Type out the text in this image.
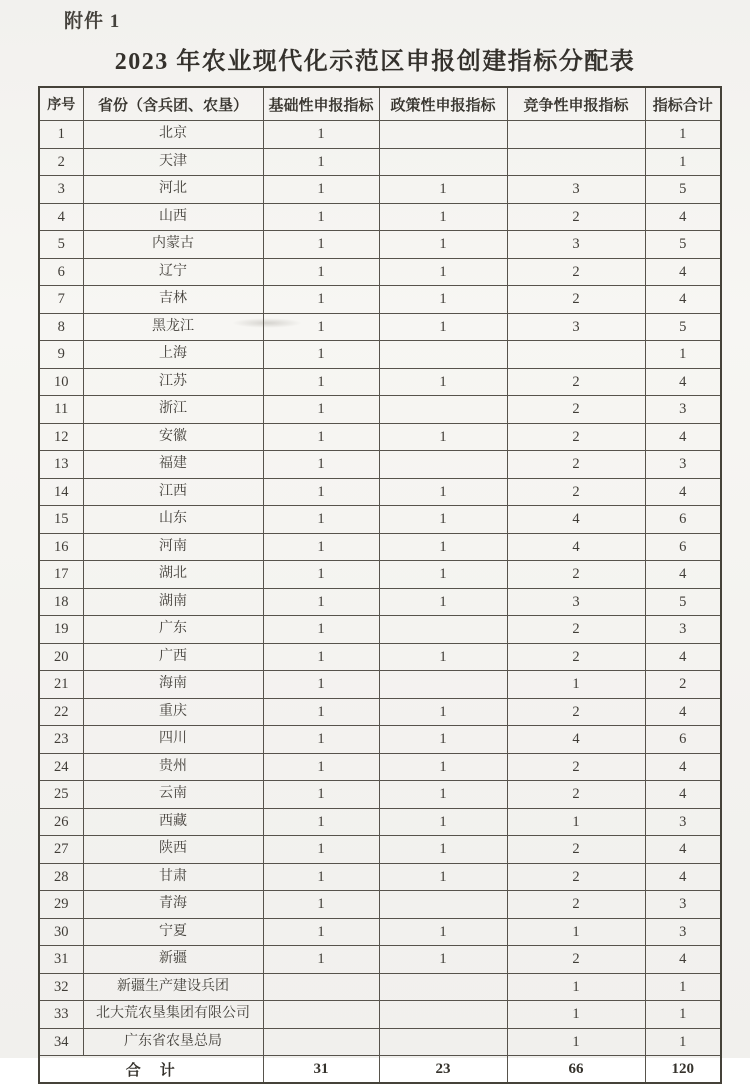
附件 1
2023 年农业现代化示范区申报创建指标分配表
序号	省份（含兵团、农垦）	基础性申报指标	政策性申报指标	竞争性申报指标	指标合计
1	北京	1			1
2	天津	1			1
3	河北	1	1	3	5
4	山西	1	1	2	4
5	内蒙古	1	1	3	5
6	辽宁	1	1	2	4
7	吉林	1	1	2	4
8	黑龙江	1	1	3	5
9	上海	1			1
10	江苏	1	1	2	4
11	浙江	1		2	3
12	安徽	1	1	2	4
13	福建	1		2	3
14	江西	1	1	2	4
15	山东	1	1	4	6
16	河南	1	1	4	6
17	湖北	1	1	2	4
18	湖南	1	1	3	5
19	广东	1		2	3
20	广西	1	1	2	4
21	海南	1		1	2
22	重庆	1	1	2	4
23	四川	1	1	4	6
24	贵州	1	1	2	4
25	云南	1	1	2	4
26	西藏	1	1	1	3
27	陕西	1	1	2	4
28	甘肃	1	1	2	4
29	青海	1		2	3
30	宁夏	1	1	1	3
31	新疆	1	1	2	4
32	新疆生产建设兵团			1	1
33	北大荒农垦集团有限公司			1	1
34	广东省农垦总局			1	1
合　计		31	23	66	120
